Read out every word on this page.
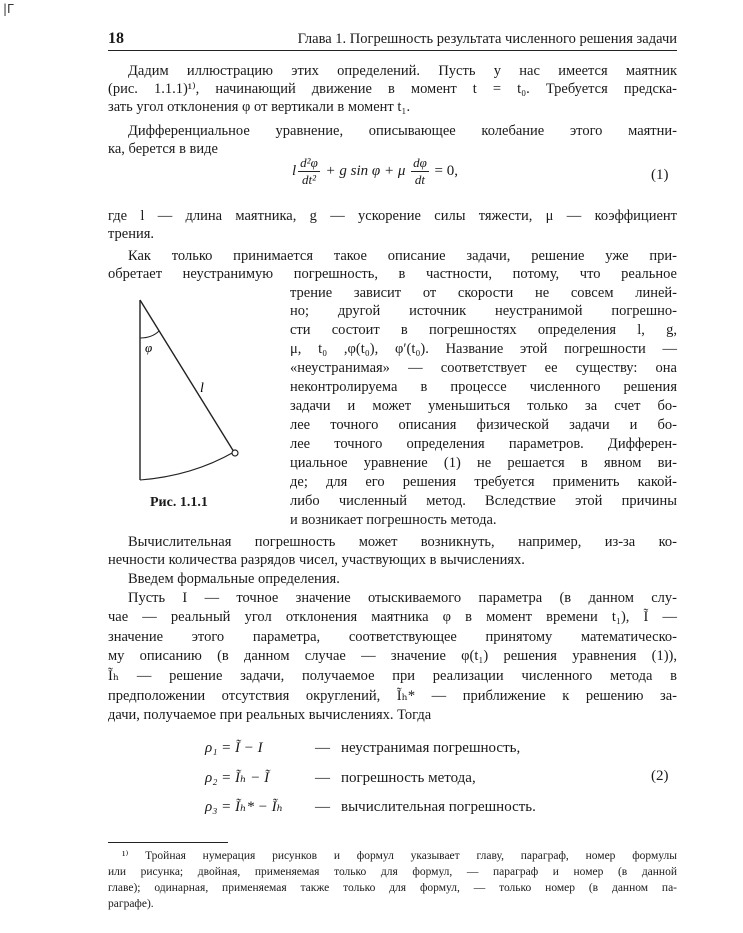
|Г
18	Глава 1. Погрешность результата численного решения задачи
Дадим иллюстрацию этих определений. Пусть у нас имеется маятник
(рис. 1.1.1)¹⁾, начинающий движение в момент t = t₀. Требуется предска-
зать угол отклонения φ от вертикали в момент t₁.
Дифференциальное уравнение, описывающее колебание этого маятни-
ка, берется в виде
l $\frac{\text{d²φ}}{\text{dt²}} + g$ sin φ + μ $\frac{d\varphi}{dt} = 0$,	(1)
где l — длина маятника, g — ускорение силы тяжести, μ — коэффициент
трения.
Как только принимается такое описание задачи, решение уже при-
обретает неустранимую погрешность, в частности, потому, что реальное
трение зависит от скорости не совсем линей-
но; другой источник неустранимой погрешно-
сти состоит в погрешностях определения l, g,
μ, t₀ ,φ(t₀), φ′(t₀). Название этой погрешности —
«неустранимая» — соответствует ее существу: она
неконтролируема в процессе численного решения
задачи и может уменьшиться только за счет бо-
лее точного описания физической задачи и бо-
лее точного определения параметров. Дифферен-
циальное уравнение (1) не решается в явном ви-
де; для его решения требуется применить какой-
либо численный метод. Вследствие этой причины
и возникает погрешность метода.
φ
l
Рис. 1.1.1
Вычислительная погрешность может возникнуть, например, из-за ко-
нечности количества разрядов чисел, участвующих в вычислениях.
Введем формальные определения.
Пусть I — точное значение отыскиваемого параметра (в данном слу-
чае — реальный угол отклонения маятника φ в момент времени t₁), Ĩ —
значение этого параметра, соответствующее принятому математическо-
му описанию (в данном случае — значение φ(t₁) решения уравнения (1)),
Ĩₕ — решение задачи, получаемое при реализации численного метода в
предположении отсутствия округлений, Ĩₕ* — приближение к решению за-
дачи, получаемое при реальных вычислениях. Тогда
ρ₁ = Ĩ − I	— неустранимая погрешность,
ρ₂ = Ĩₕ − Ĩ	— погрешность метода,
ρ₃ = Ĩₕ* − Ĩₕ — вычислительная погрешность.
(2)
¹⁾ Тройная нумерация рисунков и формул указывает главу, параграф, номер формулы
или рисунка; двойная, применяемая только для формул, — параграф и номер (в данной
главе); одинарная, применяемая также только для формул, — только номер (в данном па-
раграфе).
